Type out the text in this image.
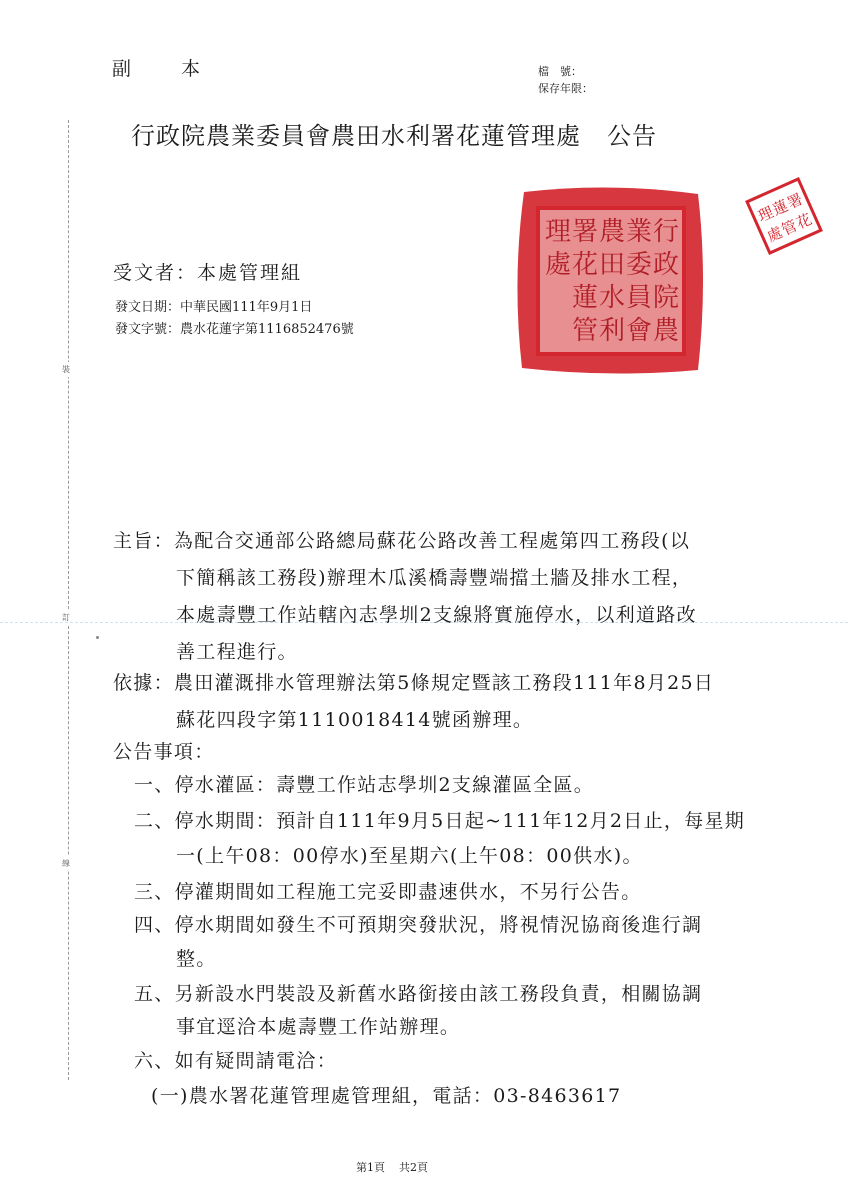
副 本	檔　號：
保存年限：
行政院農業委員會農田水利署花蓮管理處 公告
裝
訂
線
行
政
院
農
業
委
員
會
農
田
水
利
署
花
蓮
管
理
處
署
花
蓮
管
理
處
受文者：本處管理組
發文日期：中華民國111年9月1日
發文字號：農水花蓮字第1116852476號
主旨：為配合交通部公路總局蘇花公路改善工程處第四工務段(以
下簡稱該工務段)辦理木瓜溪橋壽豐端擋土牆及排水工程，
本處壽豐工作站轄內志學圳2支線將實施停水，以利道路改
善工程進行。
依據：農田灌溉排水管理辦法第5條規定暨該工務段111年8月25日
蘇花四段字第1110018414號函辦理。
公告事項：
一、停水灌區：壽豐工作站志學圳2支線灌區全區。
二、停水期間：預計自111年9月5日起~111年12月2日止，每星期
一(上午08：00停水)至星期六(上午08：00供水)。
三、停灌期間如工程施工完妥即盡速供水，不另行公告。
四、停水期間如發生不可預期突發狀況，將視情況協商後進行調
整。
五、另新設水門裝設及新舊水路銜接由該工務段負責，相關協調
事宜逕洽本處壽豐工作站辦理。
六、如有疑問請電洽：
(一)農水署花蓮管理處管理組，電話：03-8463617
第1頁 共2頁
